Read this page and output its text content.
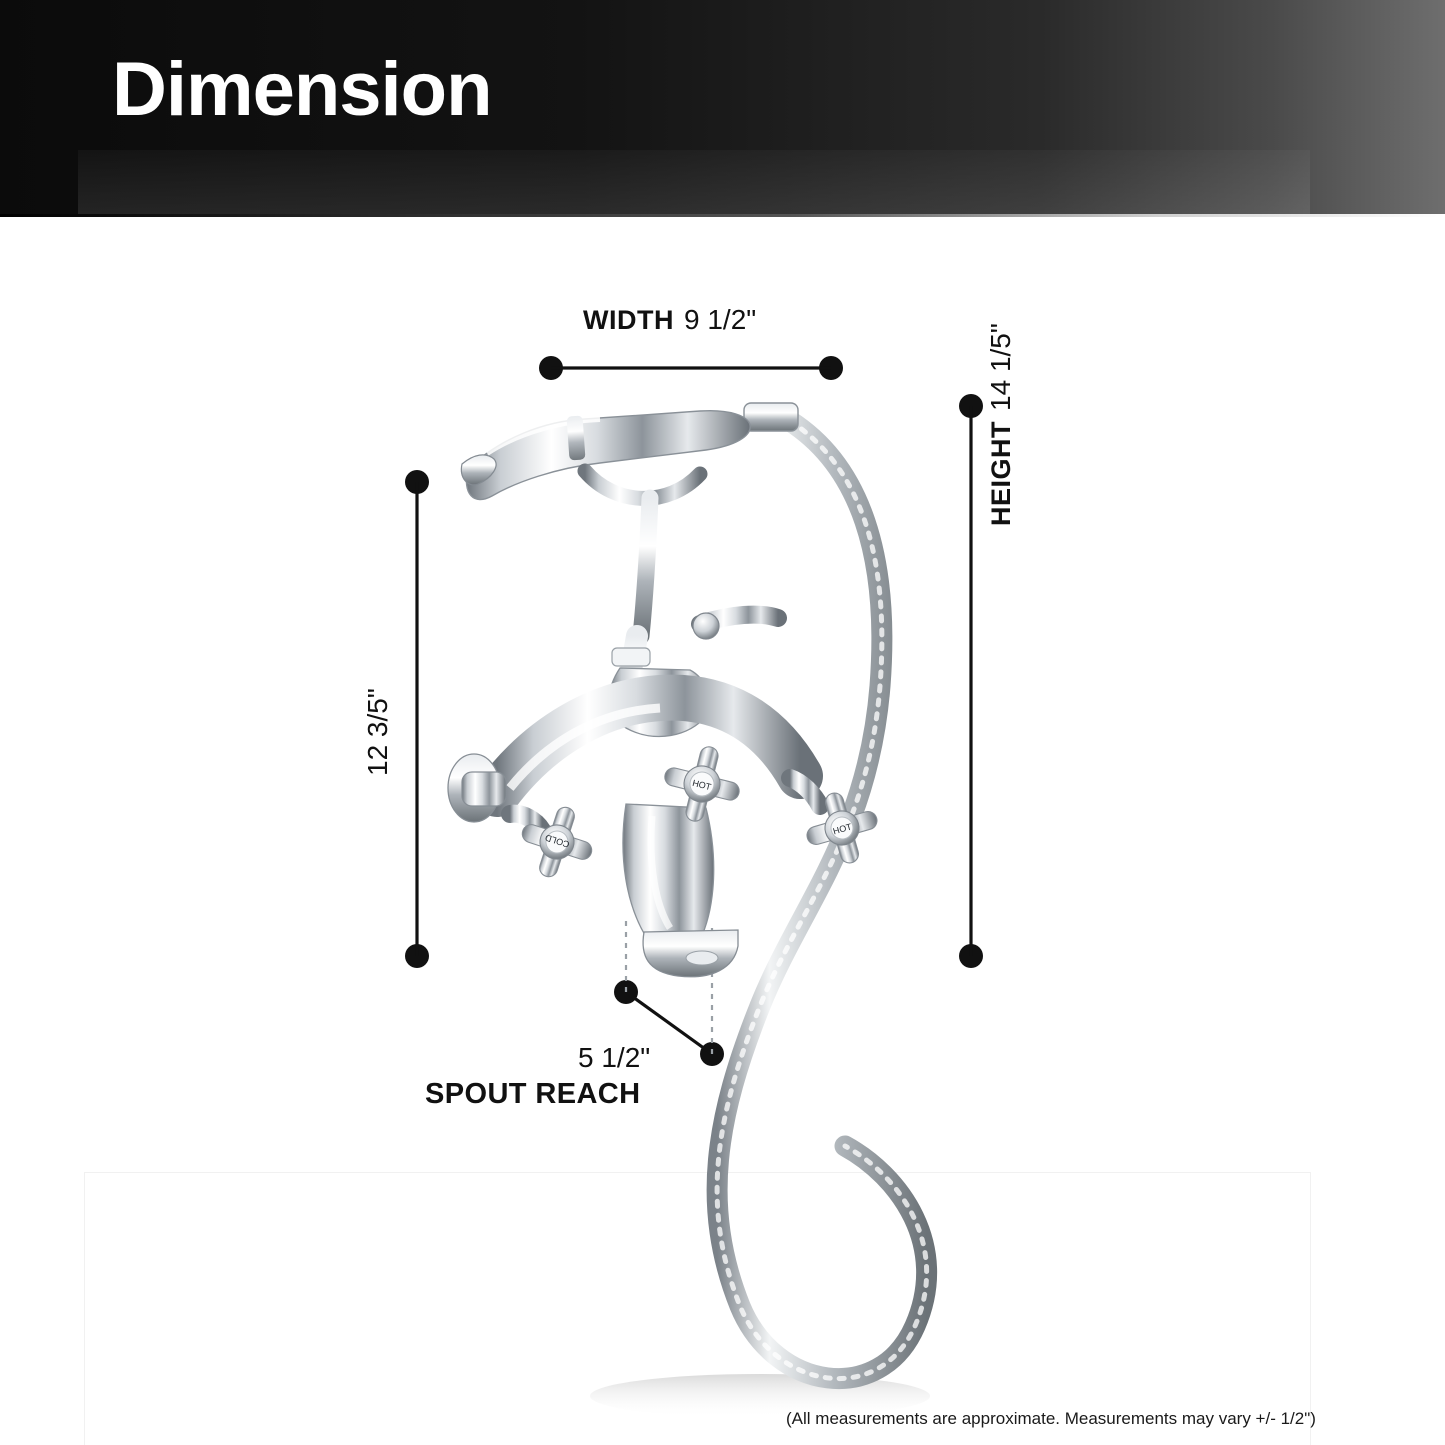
Dimension
COLD
HOT
HOT
WIDTH 9 1/2"
HEIGHT14 1/5"
12 3/5"
5 1/2"
SPOUT REACH
(All measurements are approximate. Measurements may vary +/- 1/2")
